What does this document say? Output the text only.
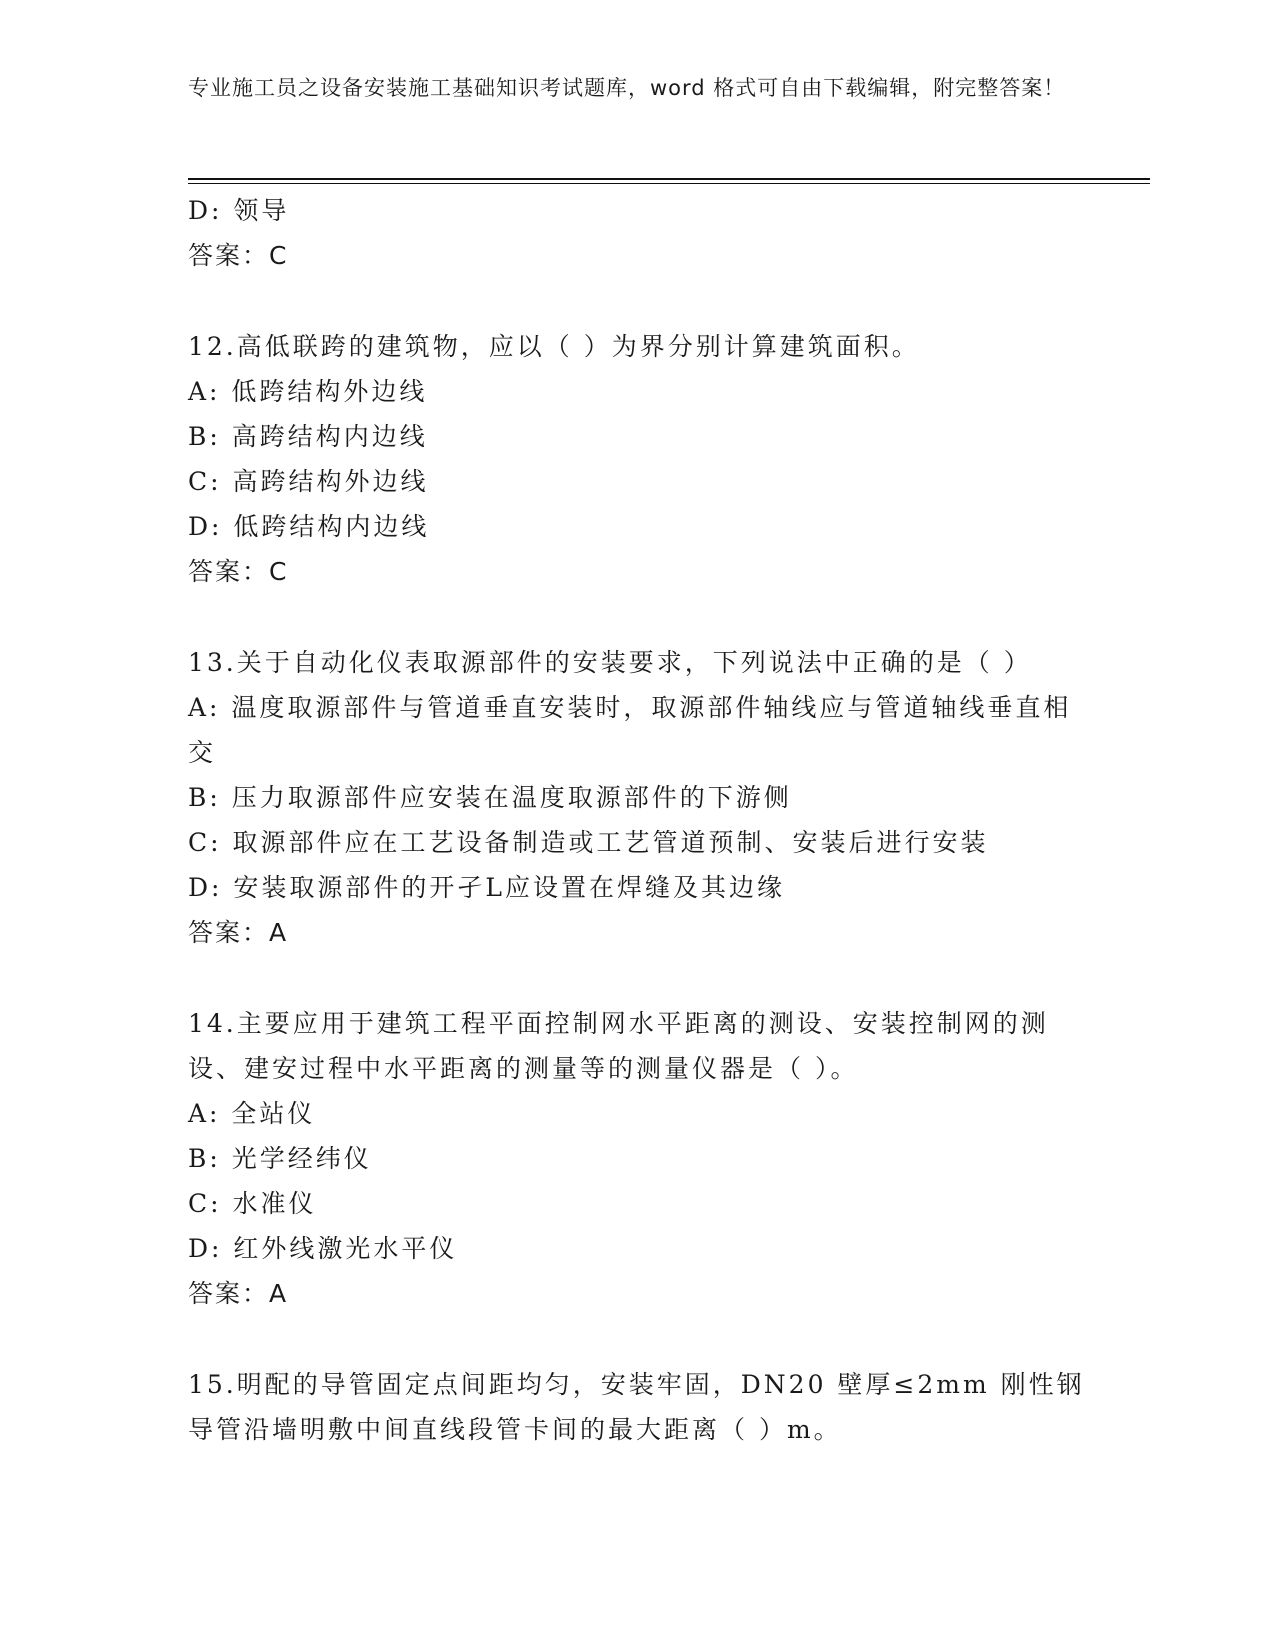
专业施工员之设备安装施工基础知识考试题库，word 格式可自由下载编辑，附完整答案！
D: 领导
答案：C
12.高低联跨的建筑物，应以（ ）为界分别计算建筑面积。
A: 低跨结构外边线
B: 高跨结构内边线
C: 高跨结构外边线
D: 低跨结构内边线
答案：C
13.关于自动化仪表取源部件的安装要求，下列说法中正确的是（ ）
A: 温度取源部件与管道垂直安装时，取源部件轴线应与管道轴线垂直相交
B: 压力取源部件应安装在温度取源部件的下游侧
C: 取源部件应在工艺设备制造或工艺管道预制、安装后进行安装
D: 安装取源部件的开孑L应设置在焊缝及其边缘
答案：A
14.主要应用于建筑工程平面控制网水平距离的测设、安装控制网的测设、建安过程中水平距离的测量等的测量仪器是（ ）。
A: 全站仪
B: 光学经纬仪
C: 水准仪
D: 红外线激光水平仪
答案：A
15.明配的导管固定点间距均匀，安装牢固，DN20 壁厚≤2mm 刚性钢导管沿墙明敷中间直线段管卡间的最大距离（ ）m。
